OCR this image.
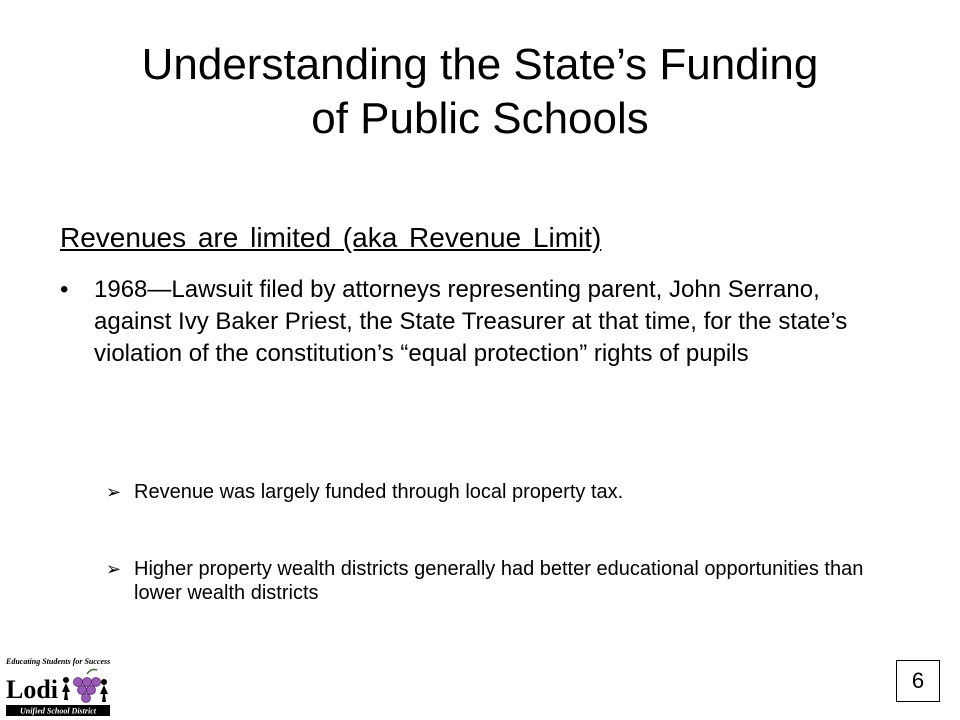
Understanding the State’s Funding
of Public Schools
Revenues are limited (aka Revenue Limit)
•	1968—Lawsuit filed by attorneys representing parent, John Serrano, against Ivy Baker Priest, the State Treasurer at that time, for the state’s violation of the constitution’s “equal protection” rights of pupils
➢ Revenue was largely funded through local property tax.
➢ Higher property wealth districts generally had better educational opportunities than lower wealth districts
Educating Students for Success
Lodi
Unified School District
6
